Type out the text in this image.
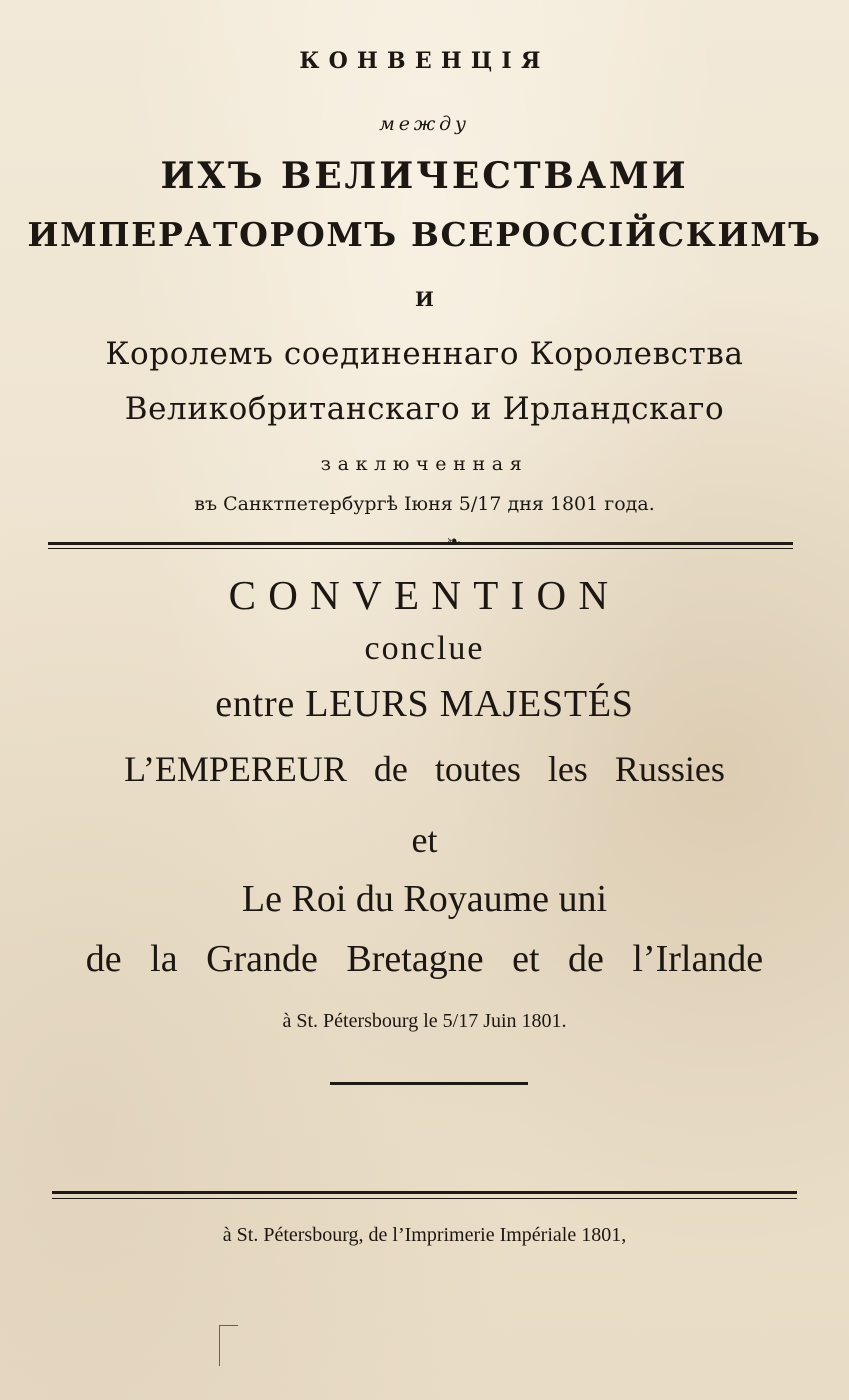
КОНВЕНЦІЯ
между
ИХЪ ВЕЛИЧЕСТВАМИ
ИМПЕРАТОРОМЪ ВСЕРОССІЙСКИМЪ
И
Королемъ соединеннаго Королевства
Великобританскаго и Ирландскаго
заключенная
въ Санктпетербургѣ Іюня 5/17 дня 1801 года.
❧
CONVENTION
conclue
entre LEURS MAJESTÉS
L’EMPEREUR de toutes les Russies
et
Le Roi du Royaume uni
de la Grande Bretagne et de l’Irlande
à St. Pétersbourg le 5/17 Juin 1801.
à St. Pétersbourg, de l’Imprimerie Impériale 1801,
